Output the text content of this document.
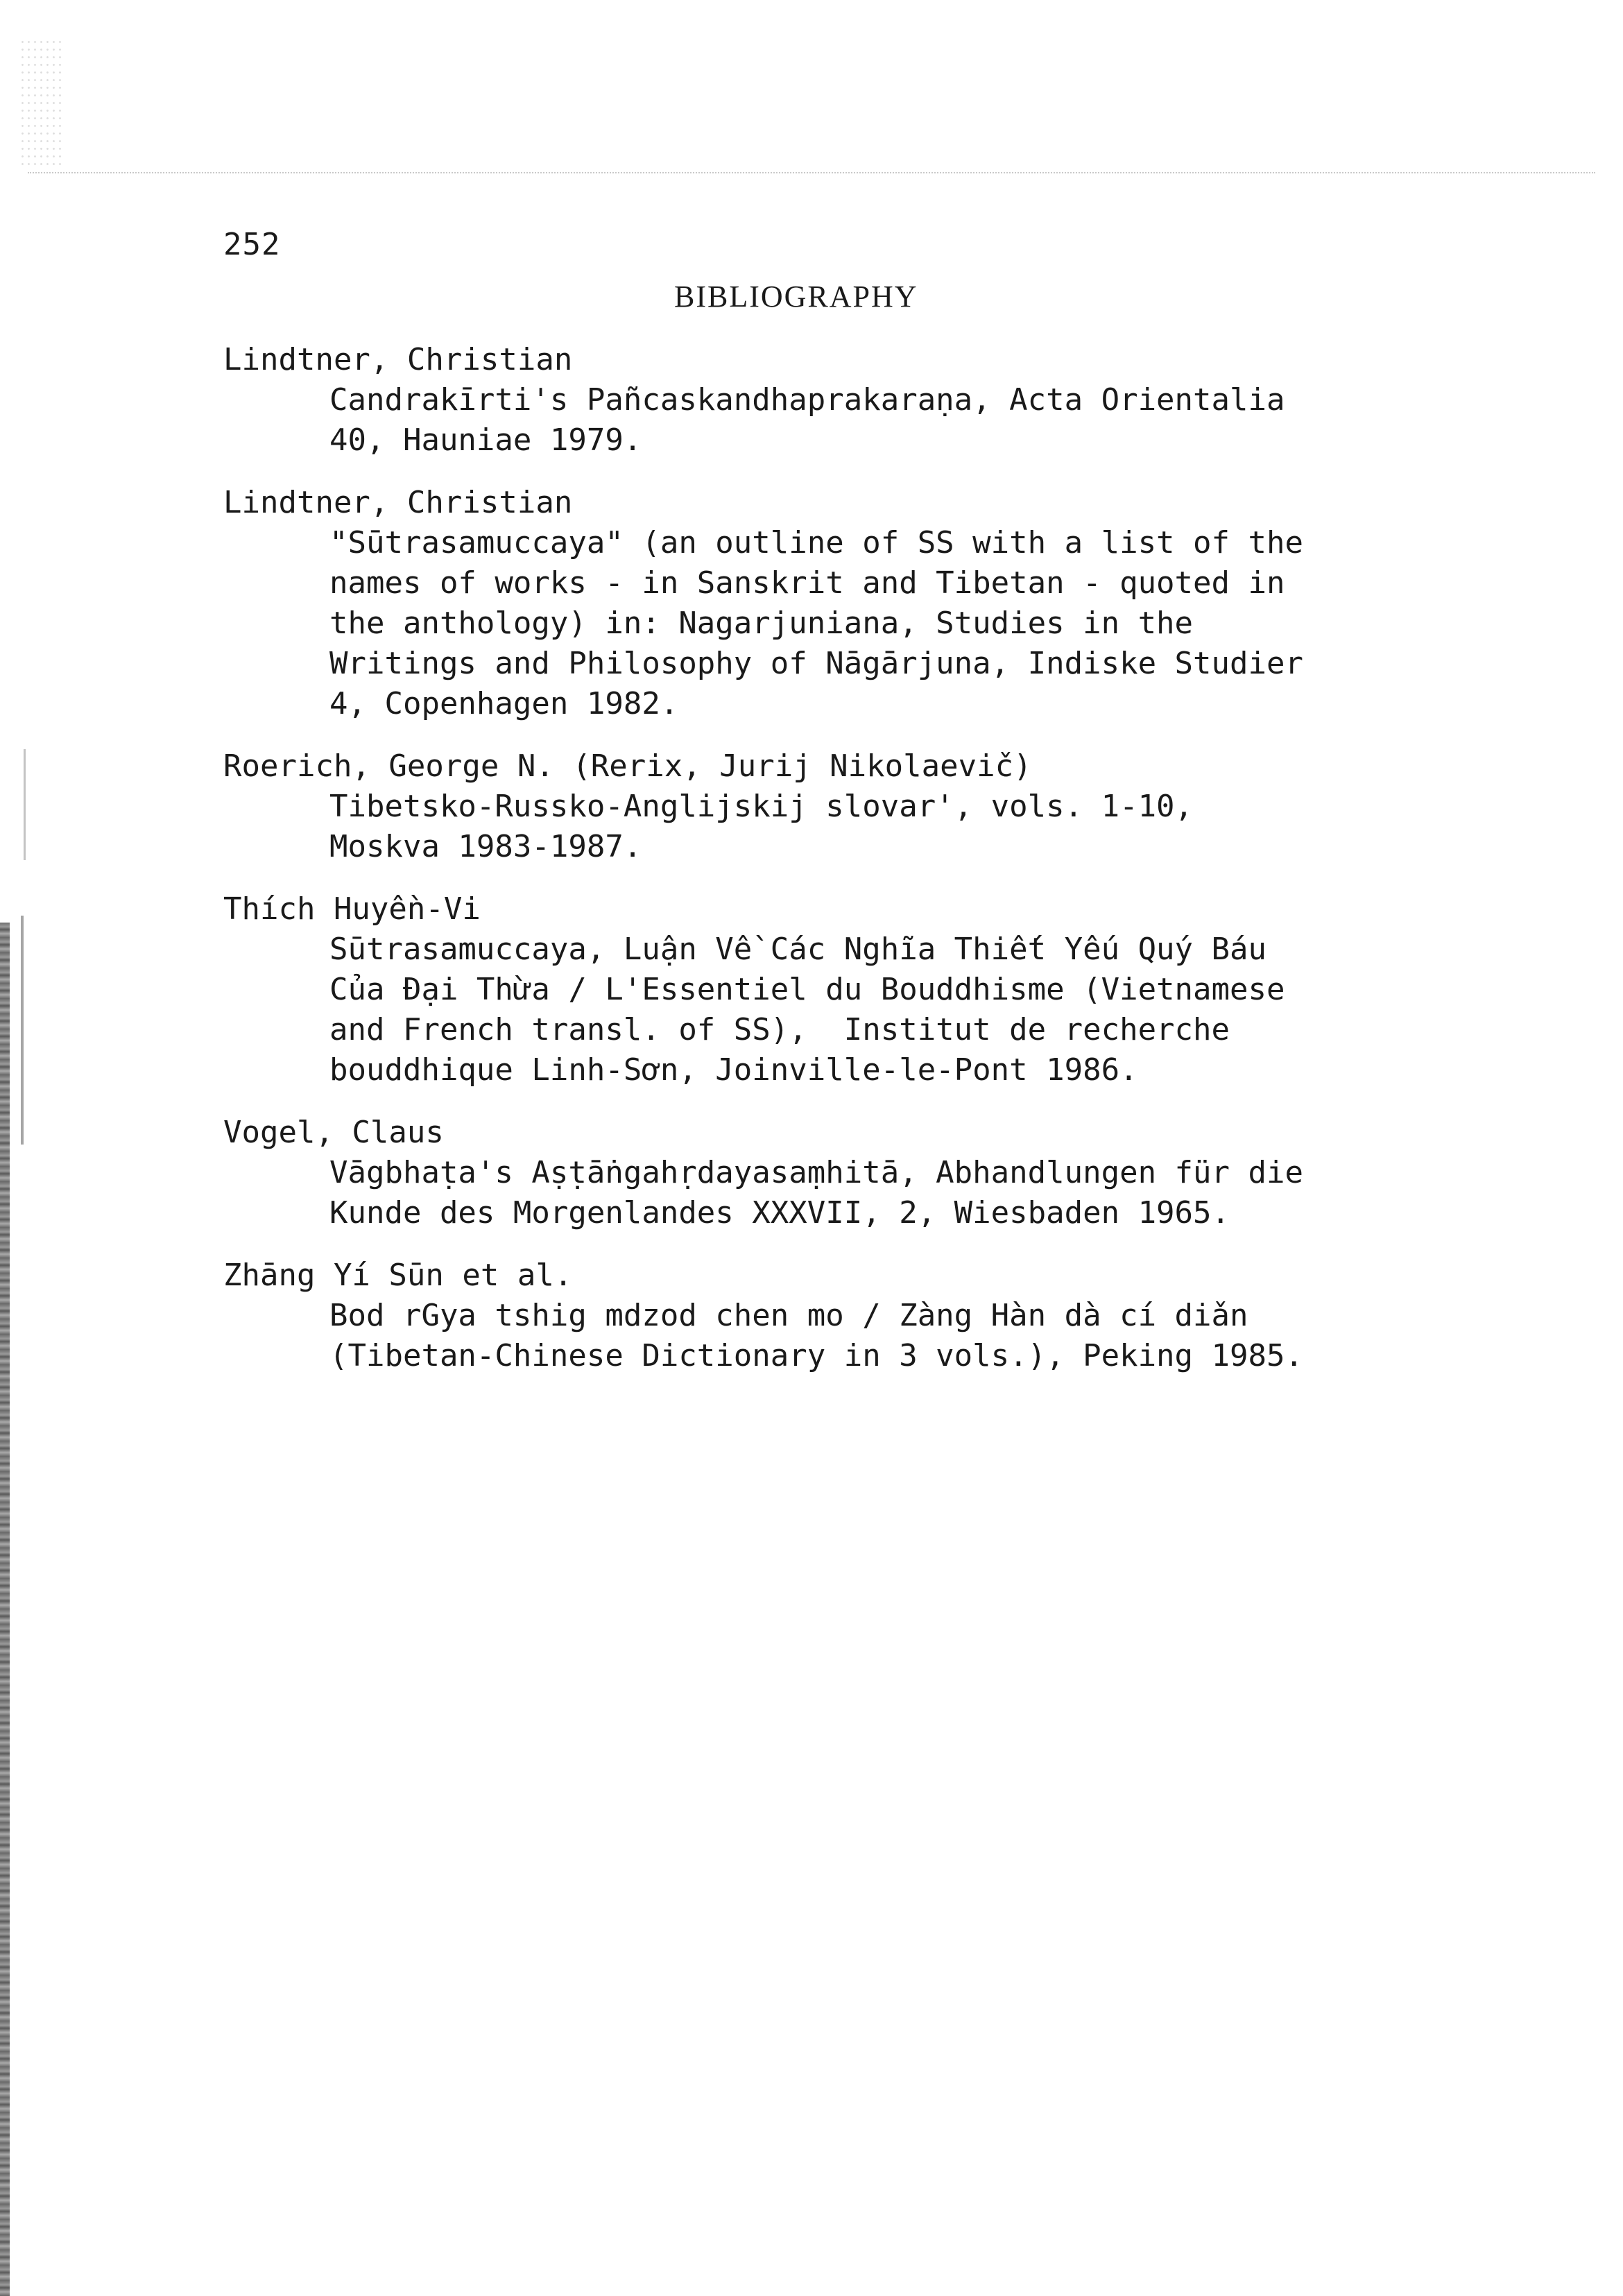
252
BIBLIOGRAPHY
Lindtner, Christian
Candrakīrti's Pañcaskandhaprakaraṇa, Acta Orientalia
40, Hauniae 1979.
Lindtner, Christian
"Sūtrasamuccaya" (an outline of SS with a list of the
names of works - in Sanskrit and Tibetan - quoted in
the anthology) in: Nagarjuniana, Studies in the
Writings and Philosophy of Nāgārjuna, Indiske Studier
4, Copenhagen 1982.
Roerich, George N. (Rerix, Jurij Nikolaevič)
Tibetsko-Russko-Anglijskij slovar', vols. 1-10,
Moskva 1983-1987.
Thích Huyền-Vi
Sūtrasamuccaya, Luận Về Các Nghĩa Thiết Yếu Quý Báu
Của Đại Thừa / L'Essentiel du Bouddhisme (Vietnamese
and French transl. of SS),  Institut de recherche
bouddhique Linh-Sơn, Joinville-le-Pont 1986.
Vogel, Claus
Vāgbhaṭa's Aṣṭāṅgahṛdayasaṃhitā, Abhandlungen für die
Kunde des Morgenlandes XXXVII, 2, Wiesbaden 1965.
Zhāng Yí Sūn et al.
Bod rGya tshig mdzod chen mo / Zàng Hàn dà cí diǎn
(Tibetan-Chinese Dictionary in 3 vols.), Peking 1985.
